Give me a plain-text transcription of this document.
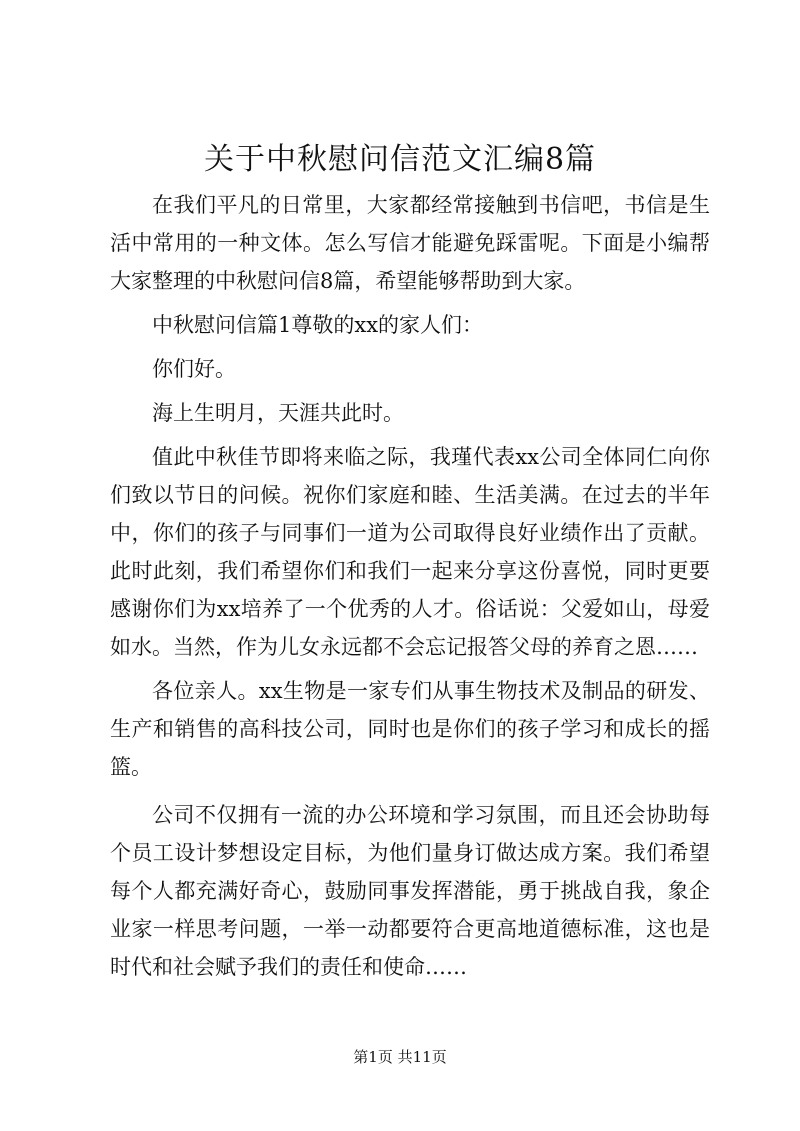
关于中秋慰问信范文汇编8篇

在我们平凡的日常里，大家都经常接触到书信吧，书信是生活中常用的一种文体。怎么写信才能避免踩雷呢。下面是小编帮大家整理的中秋慰问信8篇，希望能够帮助到大家。

中秋慰问信篇1尊敬的xx的家人们：

你们好。

海上生明月，天涯共此时。

值此中秋佳节即将来临之际，我瑾代表xx公司全体同仁向你们致以节日的问候。祝你们家庭和睦、生活美满。在过去的半年中，你们的孩子与同事们一道为公司取得良好业绩作出了贡献。此时此刻，我们希望你们和我们一起来分享这份喜悦，同时更要感谢你们为xx培养了一个优秀的人才。俗话说：父爱如山，母爱如水。当然，作为儿女永远都不会忘记报答父母的养育之恩……

各位亲人。xx生物是一家专们从事生物技术及制品的研发、生产和销售的高科技公司，同时也是你们的孩子学习和成长的摇篮。

公司不仅拥有一流的办公环境和学习氛围，而且还会协助每个员工设计梦想设定目标，为他们量身订做达成方案。我们希望每个人都充满好奇心，鼓励同事发挥潜能，勇于挑战自我，象企业家一样思考问题，一举一动都要符合更高地道德标准，这也是时代和社会赋予我们的责任和使命……

第1页 共11页
